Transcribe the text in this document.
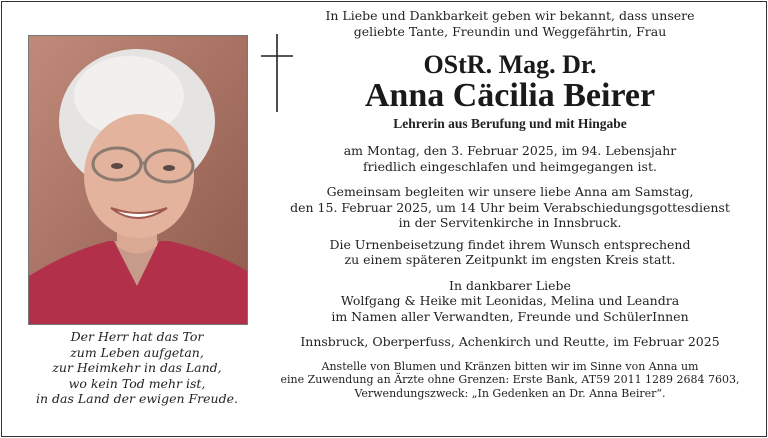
Der Herr hat das Tor
zum Leben aufgetan,
zur Heimkehr in das Land,
wo kein Tod mehr ist,
in das Land der ewigen Freude.
In Liebe und Dankbarkeit geben wir bekannt, dass unsere
geliebte Tante, Freundin und Weggefährtin, Frau
OStR. Mag. Dr.
Anna Cäcilia Beirer
Lehrerin aus Berufung und mit Hingabe
am Montag, den 3. Februar 2025, im 94. Lebensjahr
friedlich eingeschlafen und heimgegangen ist.
Gemeinsam begleiten wir unsere liebe Anna am Samstag,
den 15. Februar 2025, um 14 Uhr beim Verabschiedungsgottesdienst
in der Servitenkirche in Innsbruck.
Die Urnenbeisetzung findet ihrem Wunsch entsprechend
zu einem späteren Zeitpunkt im engsten Kreis statt.
In dankbarer Liebe
Wolfgang & Heike mit Leonidas, Melina und Leandra
im Namen aller Verwandten, Freunde und SchülerInnen
Innsbruck, Oberperfuss, Achenkirch und Reutte, im Februar 2025
Anstelle von Blumen und Kränzen bitten wir im Sinne von Anna um
eine Zuwendung an Ärzte ohne Grenzen: Erste Bank, AT59 2011 1289 2684 7603,
Verwendungszweck: „In Gedenken an Dr. Anna Beirer“.
